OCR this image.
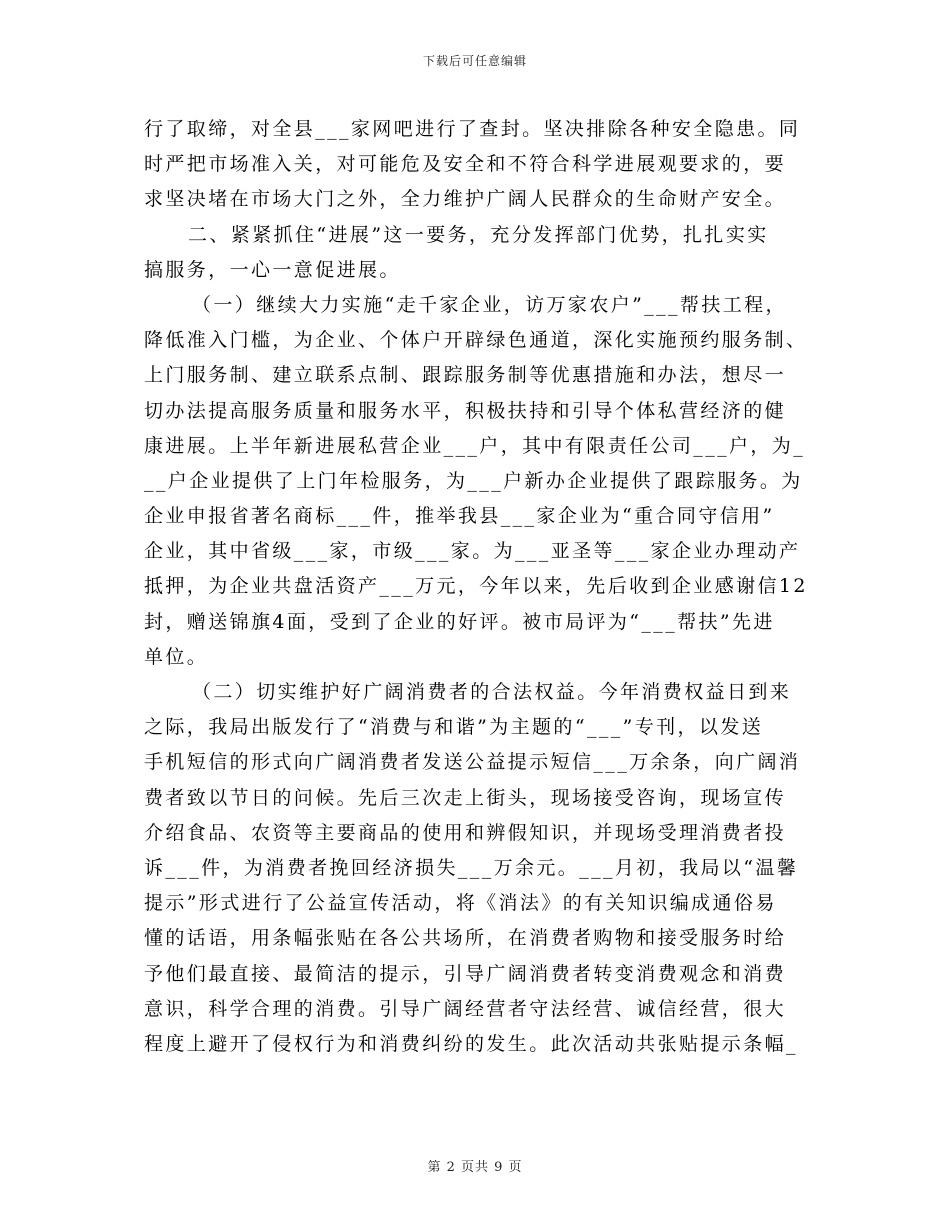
下载后可任意编辑
行了取缔，对全县___家网吧进行了查封。坚决排除各种安全隐患。同
时严把市场准入关，对可能危及安全和不符合科学进展观要求的，要
求坚决堵在市场大门之外，全力维护广阔人民群众的生命财产安全。
二、紧紧抓住“进展”这一要务，充分发挥部门优势，扎扎实实
搞服务，一心一意促进展。
（一）继续大力实施“走千家企业，访万家农户”___帮扶工程，
降低准入门槛，为企业、个体户开辟绿色通道，深化实施预约服务制、
上门服务制、建立联系点制、跟踪服务制等优惠措施和办法，想尽一
切办法提高服务质量和服务水平，积极扶持和引导个体私营经济的健
康进展。上半年新进展私营企业___户，其中有限责任公司___户，为_
__户企业提供了上门年检服务，为___户新办企业提供了跟踪服务。为
企业申报省著名商标___件，推举我县___家企业为“重合同守信用”
企业，其中省级___家，市级___家。为___亚圣等___家企业办理动产
抵押，为企业共盘活资产___万元，今年以来，先后收到企业感谢信12
封，赠送锦旗4面，受到了企业的好评。被市局评为“___帮扶”先进
单位。
（二）切实维护好广阔消费者的合法权益。今年消费权益日到来
之际，我局出版发行了“消费与和谐”为主题的“___”专刊，以发送
手机短信的形式向广阔消费者发送公益提示短信___万余条，向广阔消
费者致以节日的问候。先后三次走上街头，现场接受咨询，现场宣传
介绍食品、农资等主要商品的使用和辨假知识，并现场受理消费者投
诉___件，为消费者挽回经济损失___万余元。___月初，我局以“温馨
提示”形式进行了公益宣传活动，将《消法》的有关知识编成通俗易
懂的话语，用条幅张贴在各公共场所，在消费者购物和接受服务时给
予他们最直接、最简洁的提示，引导广阔消费者转变消费观念和消费
意识，科学合理的消费。引导广阔经营者守法经营、诚信经营，很大
程度上避开了侵权行为和消费纠纷的发生。此次活动共张贴提示条幅_
第 2 页共 9 页
